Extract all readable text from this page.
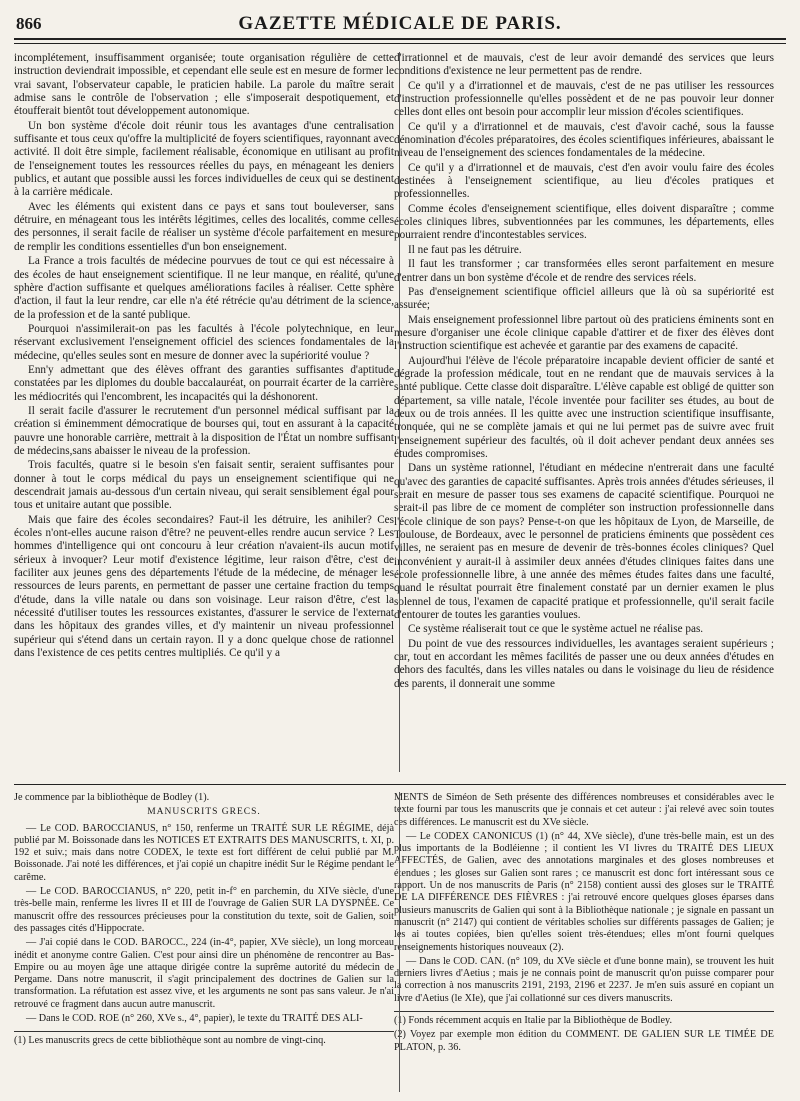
866	GAZETTE MÉDICALE DE PARIS.

incomplétement, insuffisamment organisée; toute organisation régulière de cette instruction deviendrait impossible, et cependant elle seule est en mesure de former le vrai savant, l'observateur capable, le praticien habile. La parole du maître serait admise sans le contrôle de l'observation ; elle s'imposerait despotiquement, et étoufferait bientôt tout développement autonomique.

Un bon système d'école doit réunir tous les avantages d'une centralisation suffisante et tous ceux qu'offre la multiplicité de foyers scientifiques, rayonnant avec activité. Il doit être simple, facilement réalisable, économique en utilisant au profit de l'enseignement toutes les ressources réelles du pays, en ménageant les deniers publics, et autant que possible aussi les forces individuelles de ceux qui se destinent à la carrière médicale.

Avec les éléments qui existent dans ce pays et sans tout bouleverser, sans détruire, en ménageant tous les intérêts légitimes, celles des localités, comme celles des personnes, il serait facile de réaliser un système d'école parfaitement en mesure de remplir les conditions essentielles d'un bon enseignement.

La France a trois facultés de médecine pourvues de tout ce qui est nécessaire à des écoles de haut enseignement scientifique. Il ne leur manque, en réalité, qu'une sphère d'action suffisante et quelques améliorations faciles à réaliser. Cette sphère d'action, il faut la leur rendre, car elle n'a été rétrécie qu'au détriment de la science, de la profession et de la santé publique.

Pourquoi n'assimilerait-on pas les facultés à l'école polytechnique, en leur réservant exclusivement l'enseignement officiel des sciences fondamentales de la médecine, qu'elles seules sont en mesure de donner avec la supériorité voulue ?

Enn'y admettant que des élèves offrant des garanties suffisantes d'aptitude constatées par les diplomes du double baccalauréat, on pourrait écarter de la carrière les médiocrités qui l'encombrent, les incapacités qui la déshonorent.

Il serait facile d'assurer le recrutement d'un personnel médical suffisant par la création si éminemment démocratique de bourses qui, tout en assurant à la capacité pauvre une honorable carrière, mettrait à la disposition de l'État un nombre suffisant de médecins,sans abaisser le niveau de la profession.

Trois facultés, quatre si le besoin s'en faisait sentir, seraient suffisantes pour donner à tout le corps médical du pays un enseignement scientifique qui ne descendrait jamais au-dessous d'un certain niveau, qui serait sensiblement égal pour tous et unitaire autant que possible.

Mais que faire des écoles secondaires? Faut-il les détruire, les anihiler? Ces écoles n'ont-elles aucune raison d'être? ne peuvent-elles rendre aucun service ? Les hommes d'intelligence qui ont concouru à leur création n'avaient-ils aucun motif sérieux à invoquer? Leur motif d'existence légitime, leur raison d'être, c'est de faciliter aux jeunes gens des départements l'étude de la médecine, de ménager les ressources de leurs parents, en permettant de passer une certaine fraction du temps d'étude, dans la ville natale ou dans son voisinage. Leur raison d'être, c'est la nécessité d'utiliser toutes les ressources existantes, d'assurer le service de l'externat dans les hôpitaux des grandes villes, et d'y maintenir un niveau professionnel supérieur qui s'étend dans un certain rayon. Il y a donc quelque chose de rationnel dans l'existence de ces petits centres multipliés. Ce qu'il y a

d'irrationnel et de mauvais, c'est de leur avoir demandé des services que leurs conditions d'existence ne leur permettent pas de rendre.

Ce qu'il y a d'irrationnel et de mauvais, c'est de ne pas utiliser les ressources d'instruction professionnelle qu'elles possèdent et de ne pas pouvoir leur donner celles dont elles ont besoin pour accomplir leur mission d'écoles scientifiques.

Ce qu'il y a d'irrationnel et de mauvais, c'est d'avoir caché, sous la fausse dénomination d'écoles préparatoires, des écoles scientifiques inférieures, abaissant le niveau de l'enseignement des sciences fondamentales de la médecine.

Ce qu'il y a d'irrationnel et de mauvais, c'est d'en avoir voulu faire des écoles destinées à l'enseignement scientifique, au lieu d'écoles pratiques et professionnelles.

Comme écoles d'enseignement scientifique, elles doivent disparaître ; comme écoles cliniques libres, subventionnées par les communes, les départements, elles pourraient rendre d'incontestables services.

Il ne faut pas les détruire.

Il faut les transformer ; car transformées elles seront parfaitement en mesure d'entrer dans un bon système d'école et de rendre des services réels.

Pas d'enseignement scientifique officiel ailleurs que là où sa supériorité est assurée;

Mais enseignement professionnel libre partout où des praticiens éminents sont en mesure d'organiser une école clinique capable d'attirer et de fixer des élèves dont l'instruction scientifique est achevée et garantie par des examens de capacité.

Aujourd'hui l'élève de l'école préparatoire incapable devient officier de santé et dégrade la profession médicale, tout en ne rendant que de mauvais services à la santé publique. Cette classe doit disparaître. L'élève capable est obligé de quitter son département, sa ville natale, l'école inventée pour faciliter ses études, au bout de deux ou de trois années. Il les quitte avec une instruction scientifique insuffisante, tronquée, qui ne se complète jamais et qui ne lui permet pas de suivre avec fruit l'enseignement supérieur des facultés, où il doit achever pendant deux années ses études compromises.

Dans un système rationnel, l'étudiant en médecine n'entrerait dans une faculté qu'avec des garanties de capacité suffisantes. Après trois années d'études sérieuses, il serait en mesure de passer tous ses examens de capacité scientifique. Pourquoi ne serait-il pas libre de ce moment de compléter son instruction professionnelle dans l'école clinique de son pays? Pense-t-on que les hôpitaux de Lyon, de Marseille, de Toulouse, de Bordeaux, avec le personnel de praticiens éminents que possèdent ces villes, ne seraient pas en mesure de devenir de très-bonnes écoles cliniques? Quel inconvénient y aurait-il à assimiler deux années d'études cliniques faites dans une école professionnelle libre, à une année des mêmes études faites dans une faculté, quand le résultat pourrait être finalement constaté par un dernier examen le plus solennel de tous, l'examen de capacité pratique et professionnelle, qu'il serait facile d'entourer de toutes les garanties voulues.

Ce système réaliserait tout ce que le système actuel ne réalise pas.

Du point de vue des ressources individuelles, les avantages seraient supérieurs ; car, tout en accordant les mêmes facilités de passer une ou deux années d'études en dehors des facultés, dans les villes natales ou dans le voisinage du lieu de résidence des parents, il donnerait une somme

Je commence par la bibliothèque de Bodley (1).

MANUSCRITS GRECS.

— Le COD. BAROCCIANUS, n° 150, renferme un TRAITÉ SUR LE RÉGIME, déjà publié par M. Boissonade dans les NOTICES ET EXTRAITS DES MANUSCRITS, t. XI, p. 192 et suiv.; mais dans notre CODEX, le texte est fort différent de celui publié par M. Boissonade. J'ai noté les différences, et j'ai copié un chapitre inédit Sur le Régime pendant le carême.

— Le COD. BAROCCIANUS, n° 220, petit in-f° en parchemin, du XIVe siècle, d'une très-belle main, renferme les livres II et III de l'ouvrage de Galien SUR LA DYSPNÉE. Ce manuscrit offre des ressources précieuses pour la constitution du texte, soit de Galien, soit des passages cités d'Hippocrate.

— J'ai copié dans le COD. BAROCC., 224 (in-4°, papier, XVe siècle), un long morceau inédit et anonyme contre Galien. C'est pour ainsi dire un phénomène de rencontrer au Bas-Empire ou au moyen âge une attaque dirigée contre la suprême autorité du médecin de Pergame. Dans notre manuscrit, il s'agit principalement des doctrines de Galien sur la transformation. La réfutation est assez vive, et les arguments ne sont pas sans valeur. Je n'ai retrouvé ce fragment dans aucun autre manuscrit.

— Dans le COD. ROE (n° 260, XVe s., 4°, papier), le texte du TRAITÉ DES ALI-

(1) Les manuscrits grecs de cette bibliothèque sont au nombre de vingt-cinq.

MENTS de Siméon de Seth présente des différences nombreuses et considérables avec le texte fourni par tous les manuscrits que je connais et cet auteur : j'ai relevé avec soin toutes ces différences. Le manuscrit est du XVe siècle.

— Le CODEX CANONICUS (1) (n° 44, XVe siècle), d'une très-belle main, est un des plus importants de la Bodléienne ; il contient les VI livres du TRAITÉ DES LIEUX AFFECTÉS, de Galien, avec des annotations marginales et des gloses nombreuses et étendues ; les gloses sur Galien sont rares ; ce manuscrit est donc fort intéressant sous ce rapport. Un de nos manuscrits de Paris (n° 2158) contient aussi des gloses sur le TRAITÉ DE LA DIFFÉRENCE DES FIÈVRES : j'ai retrouvé encore quelques gloses éparses dans plusieurs manuscrits de Galien qui sont à la Bibliothèque nationale ; je signale en passant un manuscrit (n° 2147) qui contient de véritables scholies sur différents passages de Galien; je les ai toutes copiées, bien qu'elles soient très-étendues; elles m'ont fourni quelques renseignements historiques nouveaux (2).

— Dans le COD. CAN. (n° 109, du XVe siècle et d'une bonne main), se trouvent les huit derniers livres d'Aetius ; mais je ne connais point de manuscrit qu'on puisse comparer pour la correction à nos manuscrits 2191, 2193, 2196 et 2237. Je m'en suis assuré en copiant un livre d'Aetius (le XIe), que j'ai collationné sur ces divers manuscrits.

(1) Fonds récemment acquis en Italie par la Bibliothèque de Bodley.

(2) Voyez par exemple mon édition du COMMENT. DE GALIEN SUR LE TIMÉE DE PLATON, p. 36.
